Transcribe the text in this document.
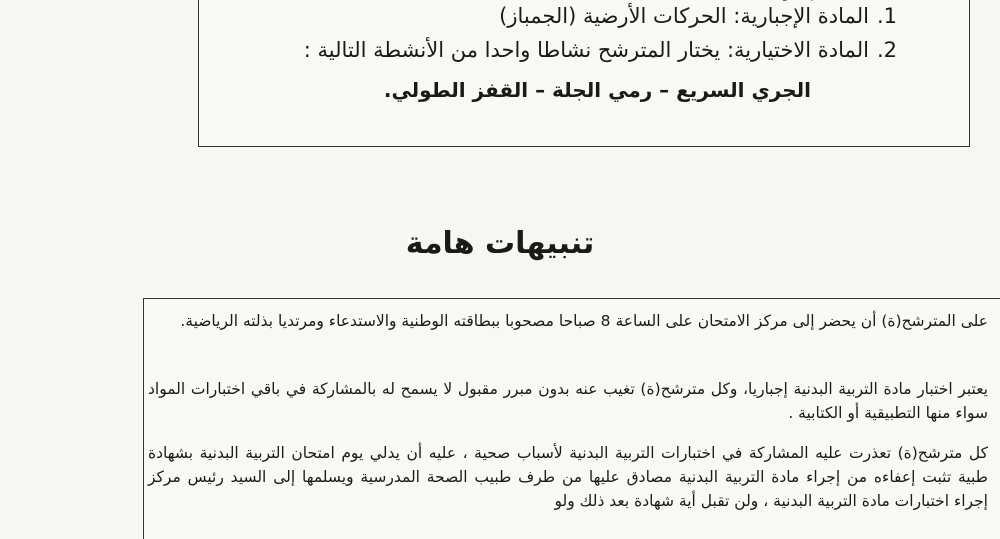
1.المادة الإجبارية: الحركات الأرضية (الجمباز)
2.المادة الاختيارية: يختار المترشح نشاطا واحدا من الأنشطة التالية :
الجري السريع – رمي الجلة – القفز الطولي.
تنبيهات هامة
على المترشح(ة) أن يحضر إلى مركز الامتحان على الساعة 8 صباحا مصحوبا ببطاقته الوطنية والاستدعاء ومرتديا بذلته الرياضية.
يعتبر اختبار مادة التربية البدنية إجباريا، وكل مترشح(ة) تغيب عنه بدون مبرر مقبول لا يسمح له بالمشاركة في باقي اختبارات المواد سواء منها التطبيقية أو الكتابية .
كل مترشح(ة) تعذرت عليه المشاركة في اختبارات التربية البدنية لأسباب صحية ، عليه أن يدلي يوم امتحان التربية البدنية بشهادة طبية تثبت إعفاءه من إجراء مادة التربية البدنية مصادق عليها من طرف طبيب الصحة المدرسية ويسلمها إلى السيد رئيس مركز إجراء اختبارات مادة التربية البدنية ، ولن تقبل أية شهادة بعد ذلك ولو
